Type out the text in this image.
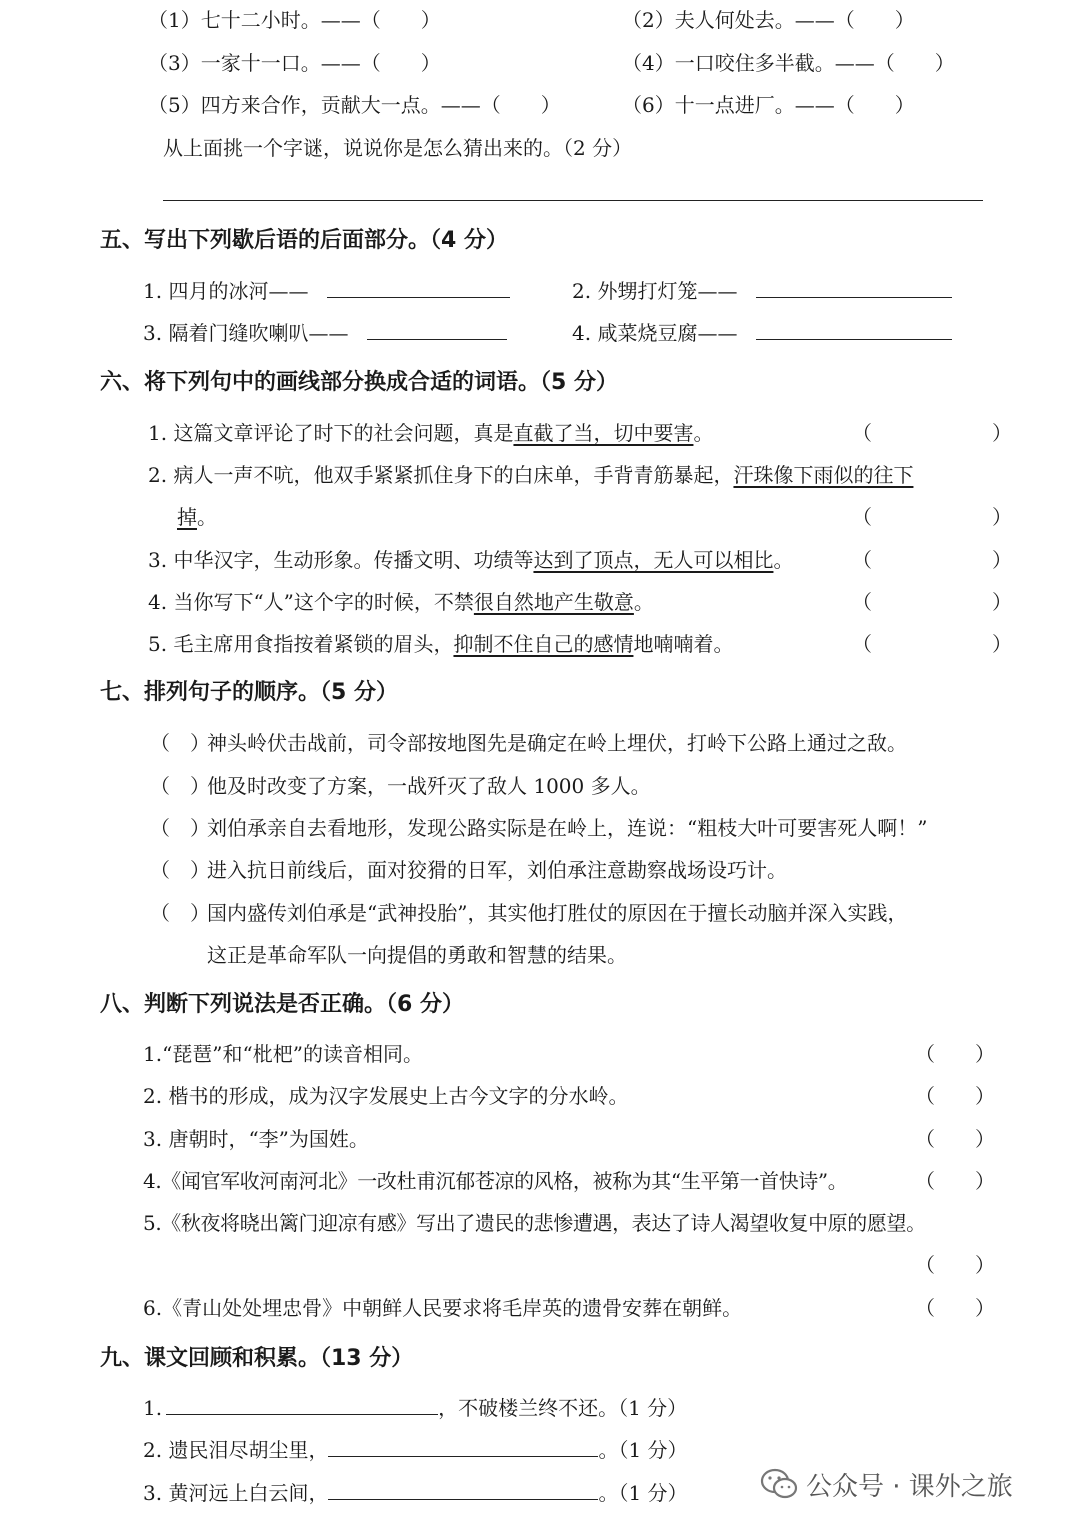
（1）七十二小时。——（　　）	（2）夫人何处去。——（　　）
（3）一家十一口。——（　　）	（4）一口咬住多半截。——（　　）
（5）四方来合作，贡献大一点。——（　　）	（6）十一点进厂。——（　　）
从上面挑一个字谜，说说你是怎么猜出来的。（2 分）
五、写出下列歇后语的后面部分。（4 分）
1. 四月的冰河——	2. 外甥打灯笼——
3. 隔着门缝吹喇叭——	4. 咸菜烧豆腐——
六、将下列句中的画线部分换成合适的词语。（5 分）
1. 这篇文章评论了时下的社会问题，真是直截了当，切中要害。	（　　　　　　）
2. 病人一声不吭，他双手紧紧抓住身下的白床单，手背青筋暴起，汗珠像下雨似的往下
掉。	（　　　　　　）
3. 中华汉字，生动形象。传播文明、功绩等达到了顶点，无人可以相比。	（　　　　　　）
4. 当你写下“人”这个字的时候，不禁很自然地产生敬意。	（　　　　　　）
5. 毛主席用食指按着紧锁的眉头，抑制不住自己的感情地喃喃着。	（　　　　　　）
七、排列句子的顺序。（5 分）
（　）
神头岭伏击战前，司令部按地图先是确定在岭上埋伏，打岭下公路上通过之敌。
（　）
他及时改变了方案，一战歼灭了敌人 1000 多人。
（　）
刘伯承亲自去看地形，发现公路实际是在岭上，连说：“粗枝大叶可要害死人啊！”
（　）
进入抗日前线后，面对狡猾的日军，刘伯承注意勘察战场设巧计。
（　）
国内盛传刘伯承是“武神投胎”，其实他打胜仗的原因在于擅长动脑并深入实践，
这正是革命军队一向提倡的勇敢和智慧的结果。
八、判断下列说法是否正确。（6 分）
1.“琵琶”和“枇杷”的读音相同。	（　　）
2. 楷书的形成，成为汉字发展史上古今文字的分水岭。	（　　）
3. 唐朝时，“李”为国姓。	（　　）
4.《闻官军收河南河北》一改杜甫沉郁苍凉的风格，被称为其“生平第一首快诗”。	（　　）
5.《秋夜将晓出篱门迎凉有感》写出了遗民的悲惨遭遇，表达了诗人渴望收复中原的愿望。
（　　）
6.《青山处处埋忠骨》中朝鲜人民要求将毛岸英的遗骨安葬在朝鲜。	（　　）
九、课文回顾和积累。（13 分）
1.	，不破楼兰终不还。（1 分）
2. 遗民泪尽胡尘里，	。（1 分）
3. 黄河远上白云间，	。（1 分）	公众号 · 课外之旅
